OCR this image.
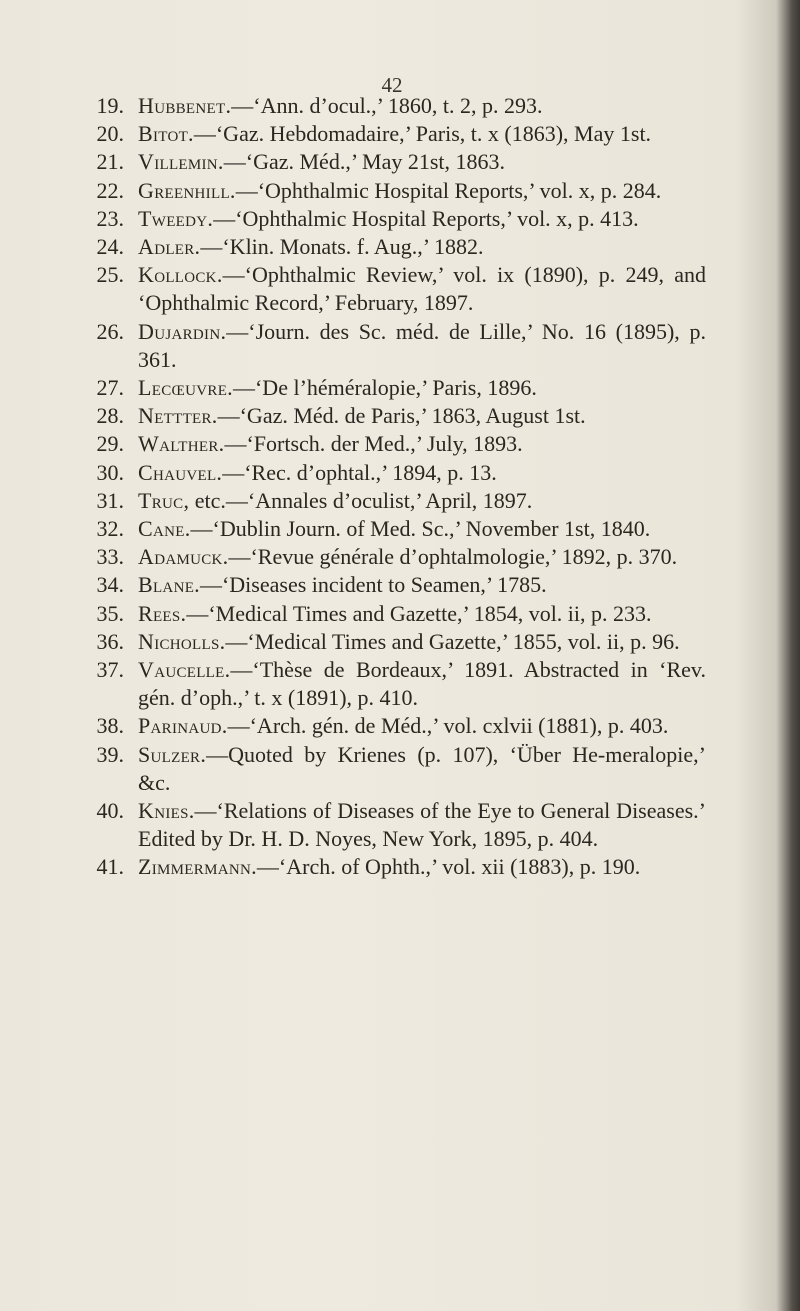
42
19. Hubbenet.—‘Ann. d’ocul.,’ 1860, t. 2, p. 293.
20. Bitot.—‘Gaz. Hebdomadaire,’ Paris, t. x (1863), May 1st.
21. Villemin.—‘Gaz. Méd.,’ May 21st, 1863.
22. Greenhill.—‘Ophthalmic Hospital Reports,’ vol. x, p. 284.
23. Tweedy.—‘Ophthalmic Hospital Reports,’ vol. x, p. 413.
24. Adler.—‘Klin. Monats. f. Aug.,’ 1882.
25. Kollock.—‘Ophthalmic Review,’ vol. ix (1890), p. 249, and ‘Ophthalmic Record,’ February, 1897.
26. Dujardin.—‘Journ. des Sc. méd. de Lille,’ No. 16 (1895), p. 361.
27. Lecœuvre.—‘De l’héméralopie,’ Paris, 1896.
28. Nettter.—‘Gaz. Méd. de Paris,’ 1863, August 1st.
29. Walther.—‘Fortsch. der Med.,’ July, 1893.
30. Chauvel.—‘Rec. d’ophtal.,’ 1894, p. 13.
31. Truc, etc.—‘Annales d’oculist,’ April, 1897.
32. Cane.—‘Dublin Journ. of Med. Sc.,’ November 1st, 1840.
33. Adamuck.—‘Revue générale d’ophtalmologie,’ 1892, p. 370.
34. Blane.—‘Diseases incident to Seamen,’ 1785.
35. Rees.—‘Medical Times and Gazette,’ 1854, vol. ii, p. 233.
36. Nicholls.—‘Medical Times and Gazette,’ 1855, vol. ii, p. 96.
37. Vaucelle.—‘Thèse de Bordeaux,’ 1891. Abstracted in ‘Rev. gén. d’oph.,’ t. x (1891), p. 410.
38. Parinaud.—‘Arch. gén. de Méd.,’ vol. cxlvii (1881), p. 403.
39. Sulzer.—Quoted by Krienes (p. 107), ‘Über He-meralopie,’ &c.
40. Knies.—‘Relations of Diseases of the Eye to General Diseases.’ Edited by Dr. H. D. Noyes, New York, 1895, p. 404.
41. Zimmermann.—‘Arch. of Ophth.,’ vol. xii (1883), p. 190.
